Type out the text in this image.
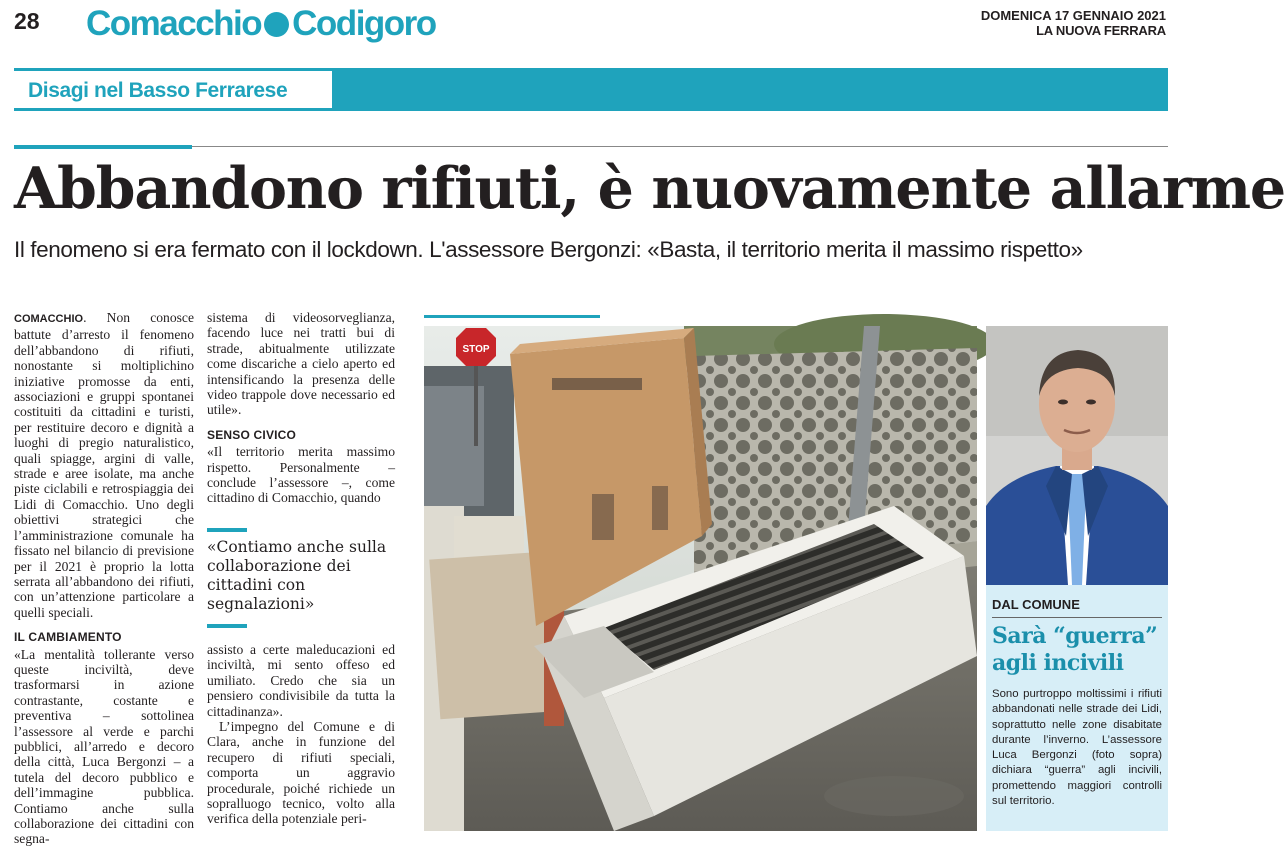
28 Comacchio Codigoro	DOMENICA 17 GENNAIO 2021
LA NUOVA FERRARA
Disagi nel Basso Ferrarese
Abbandono rifiuti, è nuovamente allarme
Il fenomeno si era fermato con il lockdown. L'assessore Bergonzi: «Basta, il territorio merita il massimo rispetto»

COMACCHIO. Non conosce battute d’arresto il fenomeno dell’abbandono di rifiuti, nonostante si moltiplichino iniziative promosse da enti, associazioni e gruppi spontanei costituiti da cittadini e turisti, per restituire decoro e dignità a luoghi di pregio naturalistico, quali spiagge, argini di valle, strade e aree isolate, ma anche piste ciclabili e retrospiaggia dei Lidi di Comacchio. Uno degli obiettivi strategici che l’amministrazione comunale ha fissato nel bilancio di previsione per il 2021 è proprio la lotta serrata all’abbandono dei rifiuti, con un’attenzione particolare a quelli speciali.

IL CAMBIAMENTO

«La mentalità tollerante verso queste inciviltà, deve trasformarsi in azione contrastante, costante e preventiva – sottolinea l’assessore al verde e parchi pubblici, all’arredo e decoro della città, Luca Bergonzi – a tutela del decoro pubblico e dell’immagine pubblica. Contiamo anche sulla collaborazione dei cittadini con segna-

sistema di videosorveglianza, facendo luce nei tratti bui di strade, abitualmente utilizzate come discariche a cielo aperto ed intensificando la presenza delle video trappole dove necessario ed utile».

SENSO CIVICO

«Il territorio merita massimo rispetto. Personalmente – conclude l’assessore –, come cittadino di Comacchio, quando

«Contiamo anche sulla collaborazione dei cittadini con segnalazioni»

assisto a certe maleducazioni ed inciviltà, mi sento offeso ed umiliato. Credo che sia un pensiero condivisibile da tutta la cittadinanza».

L’impegno del Comune e di Clara, anche in funzione del recupero di rifiuti speciali, comporta un aggravio procedurale, poiché richiede un sopralluogo tecnico, volto alla verifica della potenziale peri-

STOP
DAL COMUNE
Sarà “guerra” agli incivili
Sono purtroppo moltissimi i rifiuti abbandonati nelle strade dei Lidi, soprattutto nelle zone disabitate durante l’inverno. L’assessore Luca Bergonzi (foto sopra) dichiara “guerra” agli incivili, promettendo maggiori controlli sul territorio.
